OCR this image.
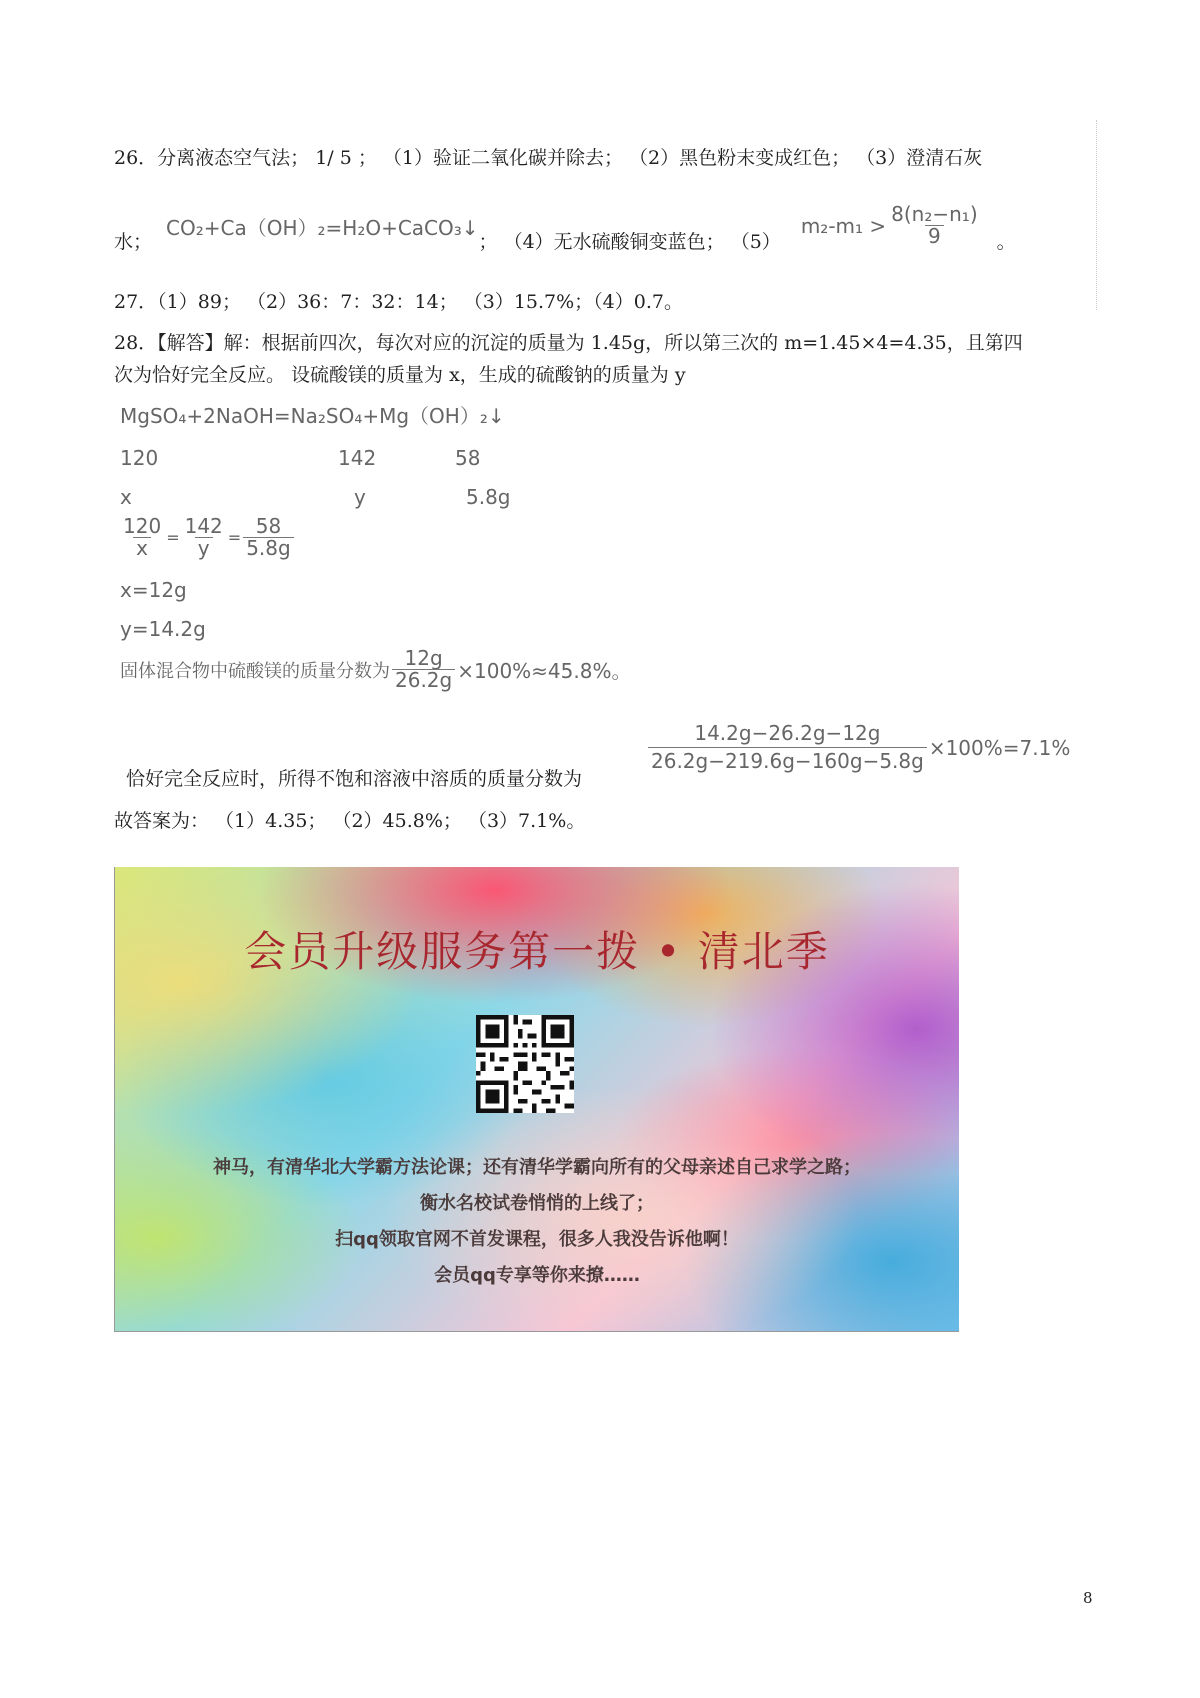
26．分离液态空气法； 1/ 5 ； （1）验证二氧化碳并除去； （2）黑色粉末变成红色； （3）澄清石灰
水；
CO₂+Ca（OH）₂=H₂O+CaCO₃↓
； （4）无水硫酸铜变蓝色； （5）
$m_2-m_1 > \frac{\text{8(n₂−n₁)}}{9}$ 。
27．（1）89； （2）36：7：32：14； （3）15.7%；（4）0.7。
28．【解答】解：根据前四次，每次对应的沉淀的质量为 1.45g，所以第三次的 m=1.45×4=4.35，且第四
次为恰好完全反应。 设硫酸镁的质量为 x，生成的硫酸钠的质量为 y
MgSO₄+2NaOH=Na₂SO₄+Mg（OH）₂↓
120	142	58
x	y	5.8g
$\frac{120}{x} = \frac{142}{y} = \frac{58}{5.8g}$
x=12g
y=14.2g
固体混合物中硫酸镁的质量分数为 $\frac{12g}{26.2g} \times 100\%\approx 45.8\%$。
恰好完全反应时，所得不饱和溶液中溶质的质量分数为
$\frac{14.2g-26.2g-12g}{26.2g-219.6g-160g-5.8g} \times 100\%=7.1\%$
故答案为： （1）4.35； （2）45.8%； （3）7.1%。
会员升级服务第一拨 • 清北季
神马，有清华北大学霸方法论课；还有清华学霸向所有的父母亲述自己求学之路；
衡水名校试卷悄悄的上线了；
扫qq领取官网不首发课程，很多人我没告诉他啊！
会员qq专享等你来撩……
8
